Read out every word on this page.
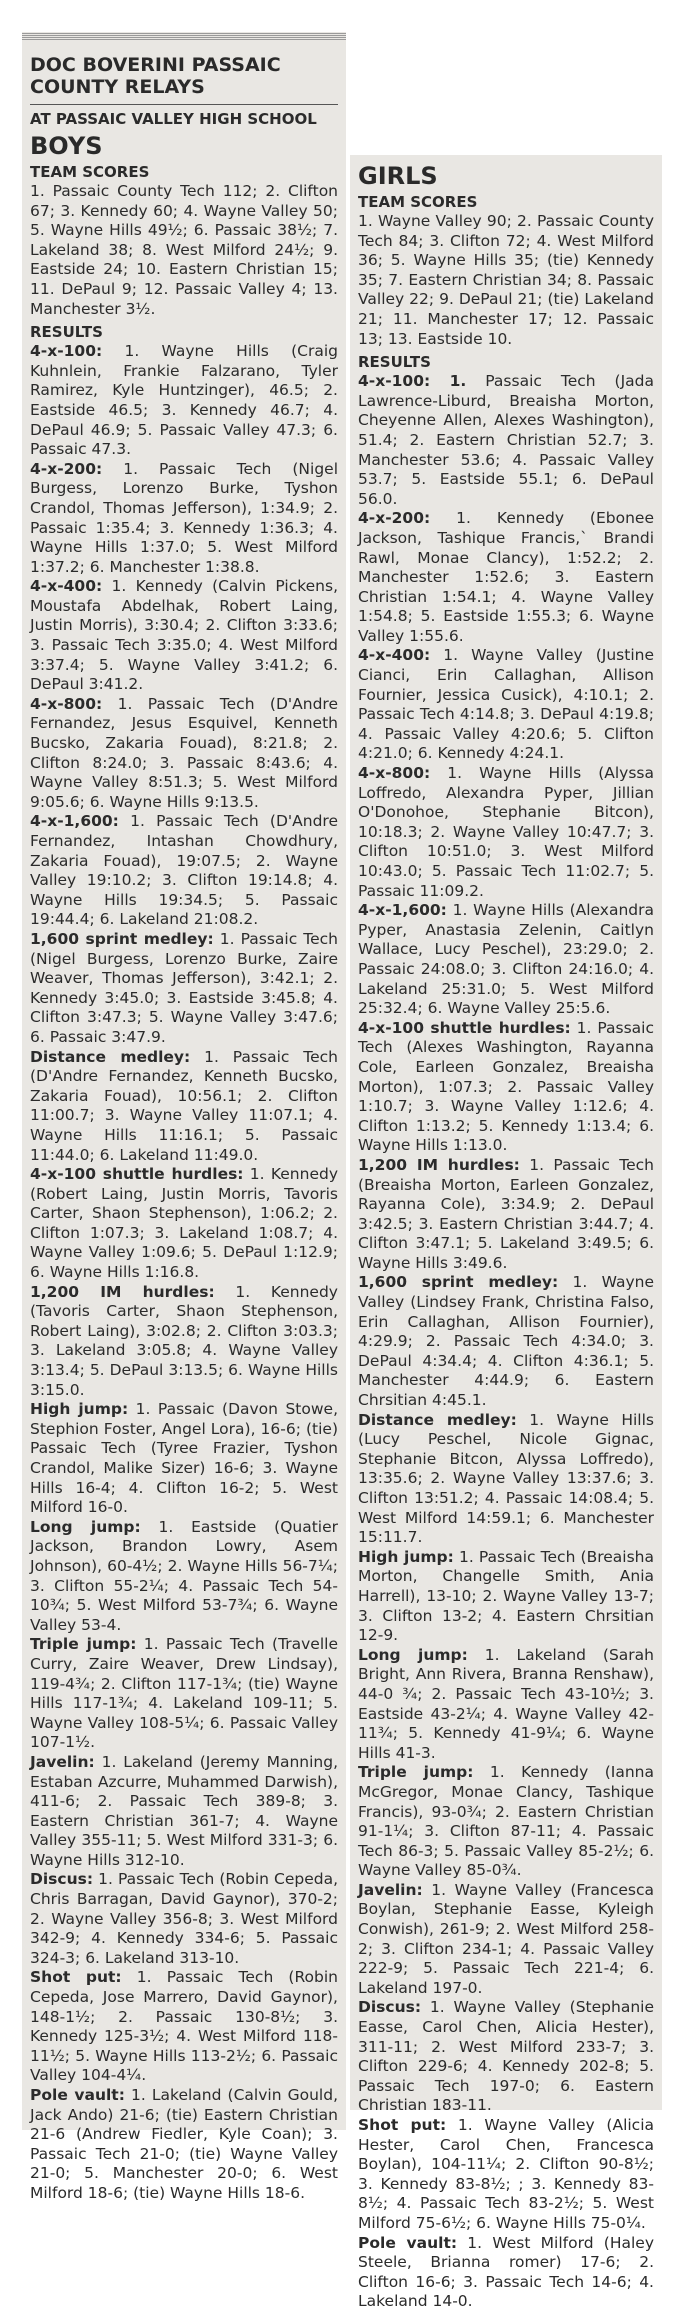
DOC BOVERINI PASSAIC COUNTY RELAYS
AT PASSAIC VALLEY HIGH SCHOOL
BOYS
TEAM SCORES

1. Passaic County Tech 112; 2. Clifton 67; 3. Kennedy 60; 4. Wayne Valley 50; 5. Wayne Hills 49½; 6. Passaic 38½; 7. Lakeland 38; 8. West Milford 24½; 9. Eastside 24; 10. Eastern Christian 15; 11. DePaul 9; 12. Passaic Valley 4; 13. Manchester 3½.

RESULTS

4-x-100: 1. Wayne Hills (Craig Kuhnlein, Frankie Falzarano, Tyler Ramirez, Kyle Huntzinger), 46.5; 2. Eastside 46.5; 3. Kennedy 46.7; 4. DePaul 46.9; 5. Passaic Valley 47.3; 6. Passaic 47.3.

4-x-200: 1. Passaic Tech (Nigel Burgess, Lorenzo Burke, Tyshon Crandol, Thomas Jefferson), 1:34.9; 2. Passaic 1:35.4; 3. Kennedy 1:36.3; 4. Wayne Hills 1:37.0; 5. West Milford 1:37.2; 6. Manchester 1:38.8.

4-x-400: 1. Kennedy (Calvin Pickens, Moustafa Abdelhak, Robert Laing, Justin Morris), 3:30.4; 2. Clifton 3:33.6; 3. Passaic Tech 3:35.0; 4. West Milford 3:37.4; 5. Wayne Valley 3:41.2; 6. DePaul 3:41.2.

4-x-800: 1. Passaic Tech (D'Andre Fernandez, Jesus Esquivel, Kenneth Bucsko, Zakaria Fouad), 8:21.8; 2. Clifton 8:24.0; 3. Passaic 8:43.6; 4. Wayne Valley 8:51.3; 5. West Milford 9:05.6; 6. Wayne Hills 9:13.5.

4-x-1,600: 1. Passaic Tech (D'Andre Fernandez, Intashan Chowdhury, Zakaria Fouad), 19:07.5; 2. Wayne Valley 19:10.2; 3. Clifton 19:14.8; 4. Wayne Hills 19:34.5; 5. Passaic 19:44.4; 6. Lakeland 21:08.2.

1,600 sprint medley: 1. Passaic Tech (Nigel Burgess, Lorenzo Burke, Zaire Weaver, Thomas Jefferson), 3:42.1; 2. Kennedy 3:45.0; 3. Eastside 3:45.8; 4. Clifton 3:47.3; 5. Wayne Valley 3:47.6; 6. Passaic 3:47.9.

Distance medley: 1. Passaic Tech (D'Andre Fernandez, Kenneth Bucsko, Zakaria Fouad), 10:56.1; 2. Clifton 11:00.7; 3. Wayne Valley 11:07.1; 4. Wayne Hills 11:16.1; 5. Passaic 11:44.0; 6. Lakeland 11:49.0.

4-x-100 shuttle hurdles: 1. Kennedy (Robert Laing, Justin Morris, Tavoris Carter, Shaon Stephenson), 1:06.2; 2. Clifton 1:07.3; 3. Lakeland 1:08.7; 4. Wayne Valley 1:09.6; 5. DePaul 1:12.9; 6. Wayne Hills 1:16.8.

1,200 IM hurdles: 1. Kennedy (Tavoris Carter, Shaon Stephenson, Robert Laing), 3:02.8; 2. Clifton 3:03.3; 3. Lakeland 3:05.8; 4. Wayne Valley 3:13.4; 5. DePaul 3:13.5; 6. Wayne Hills 3:15.0.

High jump: 1. Passaic (Davon Stowe, Stephion Foster, Angel Lora), 16-6; (tie) Passaic Tech (Tyree Frazier, Tyshon Crandol, Malike Sizer) 16-6; 3. Wayne Hills 16-4; 4. Clifton 16-2; 5. West Milford 16-0.

Long jump: 1. Eastside (Quatier Jackson, Brandon Lowry, Asem Johnson), 60-4½; 2. Wayne Hills 56-7¼; 3. Clifton 55-2¼; 4. Passaic Tech 54-10¾; 5. West Milford 53-7¾; 6. Wayne Valley 53-4.

Triple jump: 1. Passaic Tech (Travelle Curry, Zaire Weaver, Drew Lindsay), 119-4¾; 2. Clifton 117-1¾; (tie) Wayne Hills 117-1¾; 4. Lakeland 109-11; 5. Wayne Valley 108-5¼; 6. Passaic Valley 107-1½.

Javelin: 1. Lakeland (Jeremy Manning, Estaban Azcurre, Muhammed Darwish), 411-6; 2. Passaic Tech 389-8; 3. Eastern Christian 361-7; 4. Wayne Valley 355-11; 5. West Milford 331-3; 6. Wayne Hills 312-10.

Discus: 1. Passaic Tech (Robin Cepeda, Chris Barragan, David Gaynor), 370-2; 2. Wayne Valley 356-8; 3. West Milford 342-9; 4. Kennedy 334-6; 5. Passaic 324-3; 6. Lakeland 313-10.

Shot put: 1. Passaic Tech (Robin Cepeda, Jose Marrero, David Gaynor), 148-1½; 2. Passaic 130-8½; 3. Kennedy 125-3½; 4. West Milford 118-11½; 5. Wayne Hills 113-2½; 6. Passaic Valley 104-4¼.

Pole vault: 1. Lakeland (Calvin Gould, Jack Ando) 21-6; (tie) Eastern Christian 21-6 (Andrew Fiedler, Kyle Coan); 3. Passaic Tech 21-0; (tie) Wayne Valley 21-0; 5. Manchester 20-0; 6. West Milford 18-6; (tie) Wayne Hills 18-6.

GIRLS
TEAM SCORES

1. Wayne Valley 90; 2. Passaic County Tech 84; 3. Clifton 72; 4. West Milford 36; 5. Wayne Hills 35; (tie) Kennedy 35; 7. Eastern Christian 34; 8. Passaic Valley 22; 9. DePaul 21; (tie) Lakeland 21; 11. Manchester 17; 12. Passaic 13; 13. Eastside 10.

RESULTS

4-x-100: 1. Passaic Tech (Jada Lawrence-Liburd, Breaisha Morton, Cheyenne Allen, Alexes Washington), 51.4; 2. Eastern Christian 52.7; 3. Manchester 53.6; 4. Passaic Valley 53.7; 5. Eastside 55.1; 6. DePaul 56.0.

4-x-200: 1. Kennedy (Ebonee Jackson, Tashique Francis,` Brandi Rawl, Monae Clancy), 1:52.2; 2. Manchester 1:52.6; 3. Eastern Christian 1:54.1; 4. Wayne Valley 1:54.8; 5. Eastside 1:55.3; 6. Wayne Valley 1:55.6.

4-x-400: 1. Wayne Valley (Justine Cianci, Erin Callaghan, Allison Fournier, Jessica Cusick), 4:10.1; 2. Passaic Tech 4:14.8; 3. DePaul 4:19.8; 4. Passaic Valley 4:20.6; 5. Clifton 4:21.0; 6. Kennedy 4:24.1.

4-x-800: 1. Wayne Hills (Alyssa Loffredo, Alexandra Pyper, Jillian O'Donohoe, Stephanie Bitcon), 10:18.3; 2. Wayne Valley 10:47.7; 3. Clifton 10:51.0; 3. West Milford 10:43.0; 5. Passaic Tech 11:02.7; 5. Passaic 11:09.2.

4-x-1,600: 1. Wayne Hills (Alexandra Pyper, Anastasia Zelenin, Caitlyn Wallace, Lucy Peschel), 23:29.0; 2. Passaic 24:08.0; 3. Clifton 24:16.0; 4. Lakeland 25:31.0; 5. West Milford 25:32.4; 6. Wayne Valley 25:5.6.

4-x-100 shuttle hurdles: 1. Passaic Tech (Alexes Washington, Rayanna Cole, Earleen Gonzalez, Breaisha Morton), 1:07.3; 2. Passaic Valley 1:10.7; 3. Wayne Valley 1:12.6; 4. Clifton 1:13.2; 5. Kennedy 1:13.4; 6. Wayne Hills 1:13.0.

1,200 IM hurdles: 1. Passaic Tech (Breaisha Morton, Earleen Gonzalez, Rayanna Cole), 3:34.9; 2. DePaul 3:42.5; 3. Eastern Christian 3:44.7; 4. Clifton 3:47.1; 5. Lakeland 3:49.5; 6. Wayne Hills 3:49.6.

1,600 sprint medley: 1. Wayne Valley (Lindsey Frank, Christina Falso, Erin Callaghan, Allison Fournier), 4:29.9; 2. Passaic Tech 4:34.0; 3. DePaul 4:34.4; 4. Clifton 4:36.1; 5. Manchester 4:44.9; 6. Eastern Chrsitian 4:45.1.

Distance medley: 1. Wayne Hills (Lucy Peschel, Nicole Gignac, Stephanie Bitcon, Alyssa Loffredo), 13:35.6; 2. Wayne Valley 13:37.6; 3. Clifton 13:51.2; 4. Passaic 14:08.4; 5. West Milford 14:59.1; 6. Manchester 15:11.7.

High jump: 1. Passaic Tech (Breaisha Morton, Changelle Smith, Ania Harrell), 13-10; 2. Wayne Valley 13-7; 3. Clifton 13-2; 4. Eastern Chrsitian 12-9.

Long jump: 1. Lakeland (Sarah Bright, Ann Rivera, Branna Renshaw), 44-0 ¾; 2. Passaic Tech 43-10½; 3. Eastside 43-2¼; 4. Wayne Valley 42-11¾; 5. Kennedy 41-9¼; 6. Wayne Hills 41-3.

Triple jump: 1. Kennedy (Ianna McGregor, Monae Clancy, Tashique Francis), 93-0¾; 2. Eastern Christian 91-1¼; 3. Clifton 87-11; 4. Passaic Tech 86-3; 5. Passaic Valley 85-2½; 6. Wayne Valley 85-0¾.

Javelin: 1. Wayne Valley (Francesca Boylan, Stephanie Easse, Kyleigh Conwish), 261-9; 2. West Milford 258-2; 3. Clifton 234-1; 4. Passaic Valley 222-9; 5. Passaic Tech 221-4; 6. Lakeland 197-0.

Discus: 1. Wayne Valley (Stephanie Easse, Carol Chen, Alicia Hester), 311-11; 2. West Milford 233-7; 3. Clifton 229-6; 4. Kennedy 202-8; 5. Passaic Tech 197-0; 6. Eastern Christian 183-11.

Shot put: 1. Wayne Valley (Alicia Hester, Carol Chen, Francesca Boylan), 104-11¼; 2. Clifton 90-8½; 3. Kennedy 83-8½; ; 3. Kennedy 83-8½; 4. Passaic Tech 83-2½; 5. West Milford 75-6½; 6. Wayne Hills 75-0¼.

Pole vault: 1. West Milford (Haley Steele, Brianna romer) 17-6; 2. Clifton 16-6; 3. Passaic Tech 14-6; 4. Lakeland 14-0.
